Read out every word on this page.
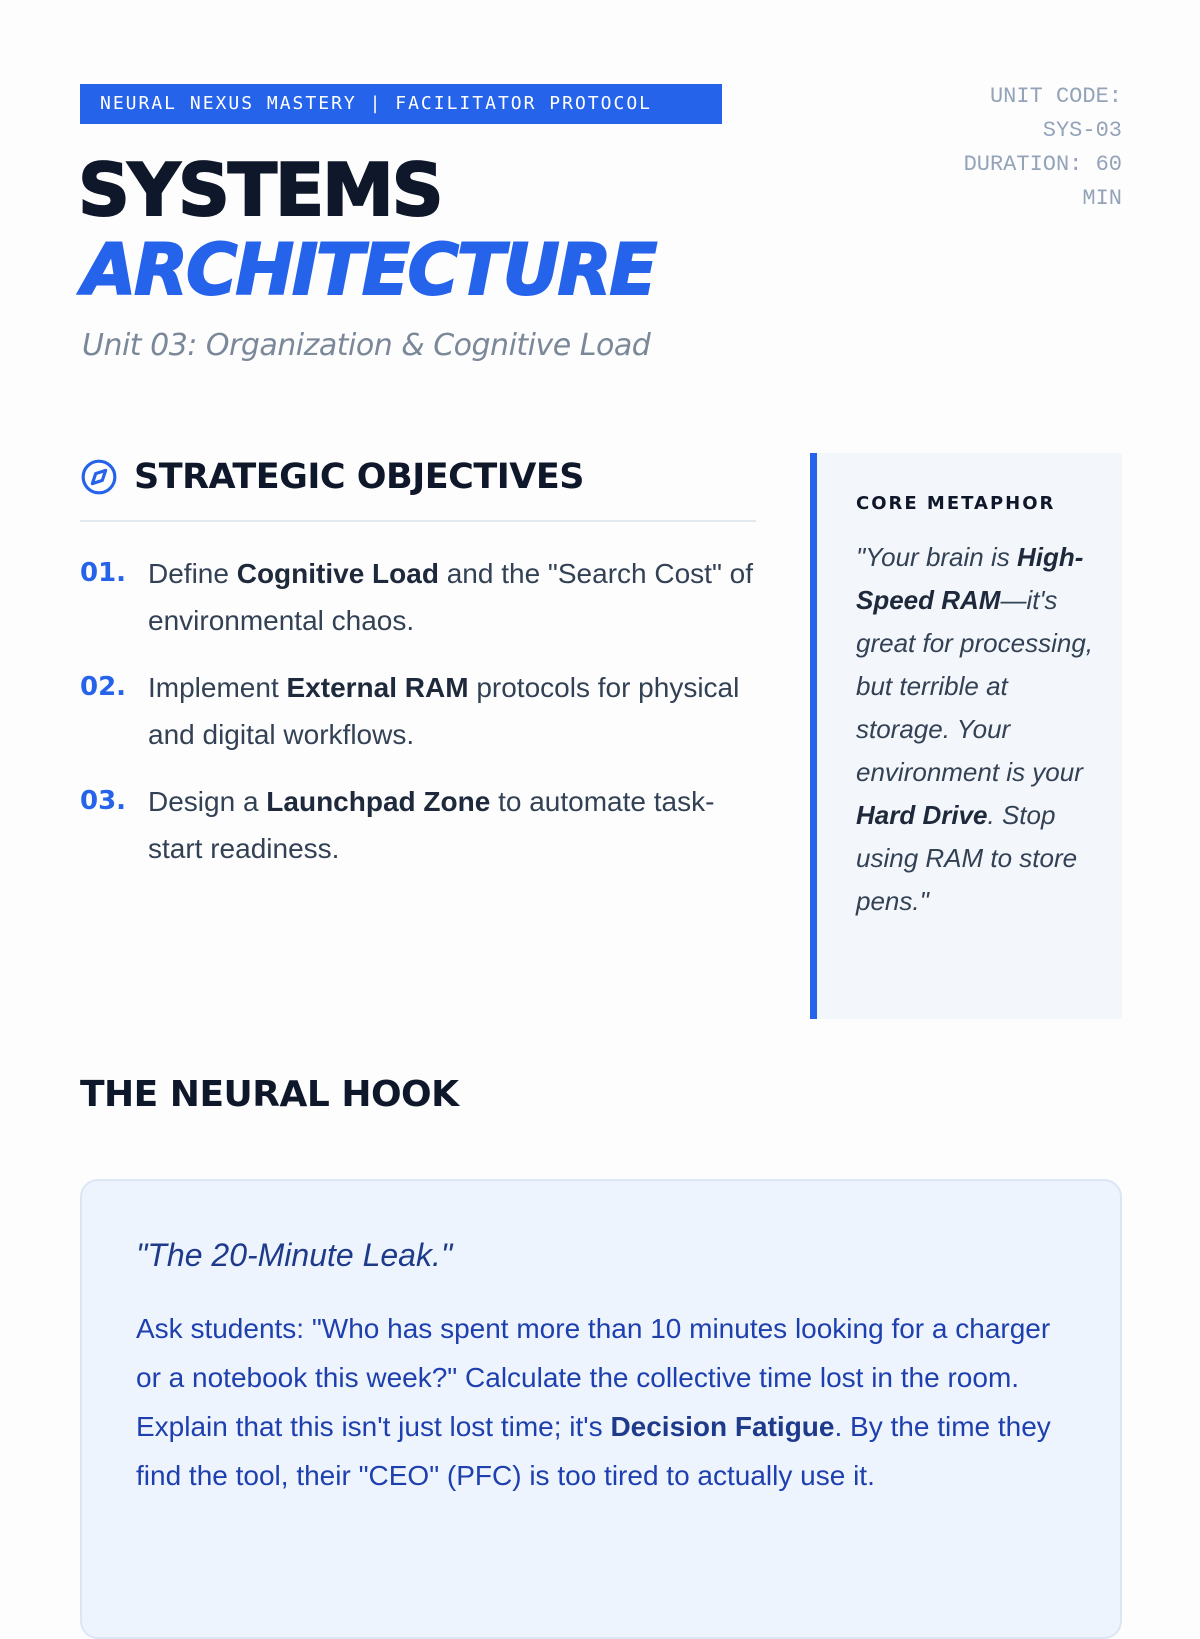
NEURAL NEXUS MASTERY | FACILITATOR PROTOCOL	UNIT CODE:
SYS-03
DURATION: 60
MIN
SYSTEMS
ARCHITECTURE
Unit 03: Organization & Cognitive Load
STRATEGIC OBJECTIVES
01. Define Cognitive Load and the "Search Cost" of environmental chaos.
02. Implement External RAM protocols for physical and digital workflows.
03. Design a Launchpad Zone to automate task-start readiness.
CORE METAPHOR
"Your brain is High-Speed RAM—it's great for processing, but terrible at storage. Your environment is your Hard Drive. Stop using RAM to store pens."
THE NEURAL HOOK
"The 20-Minute Leak."
Ask students: "Who has spent more than 10 minutes looking for a charger or a notebook this week?" Calculate the collective time lost in the room. Explain that this isn't just lost time; it's Decision Fatigue. By the time they find the tool, their "CEO" (PFC) is too tired to actually use it.
